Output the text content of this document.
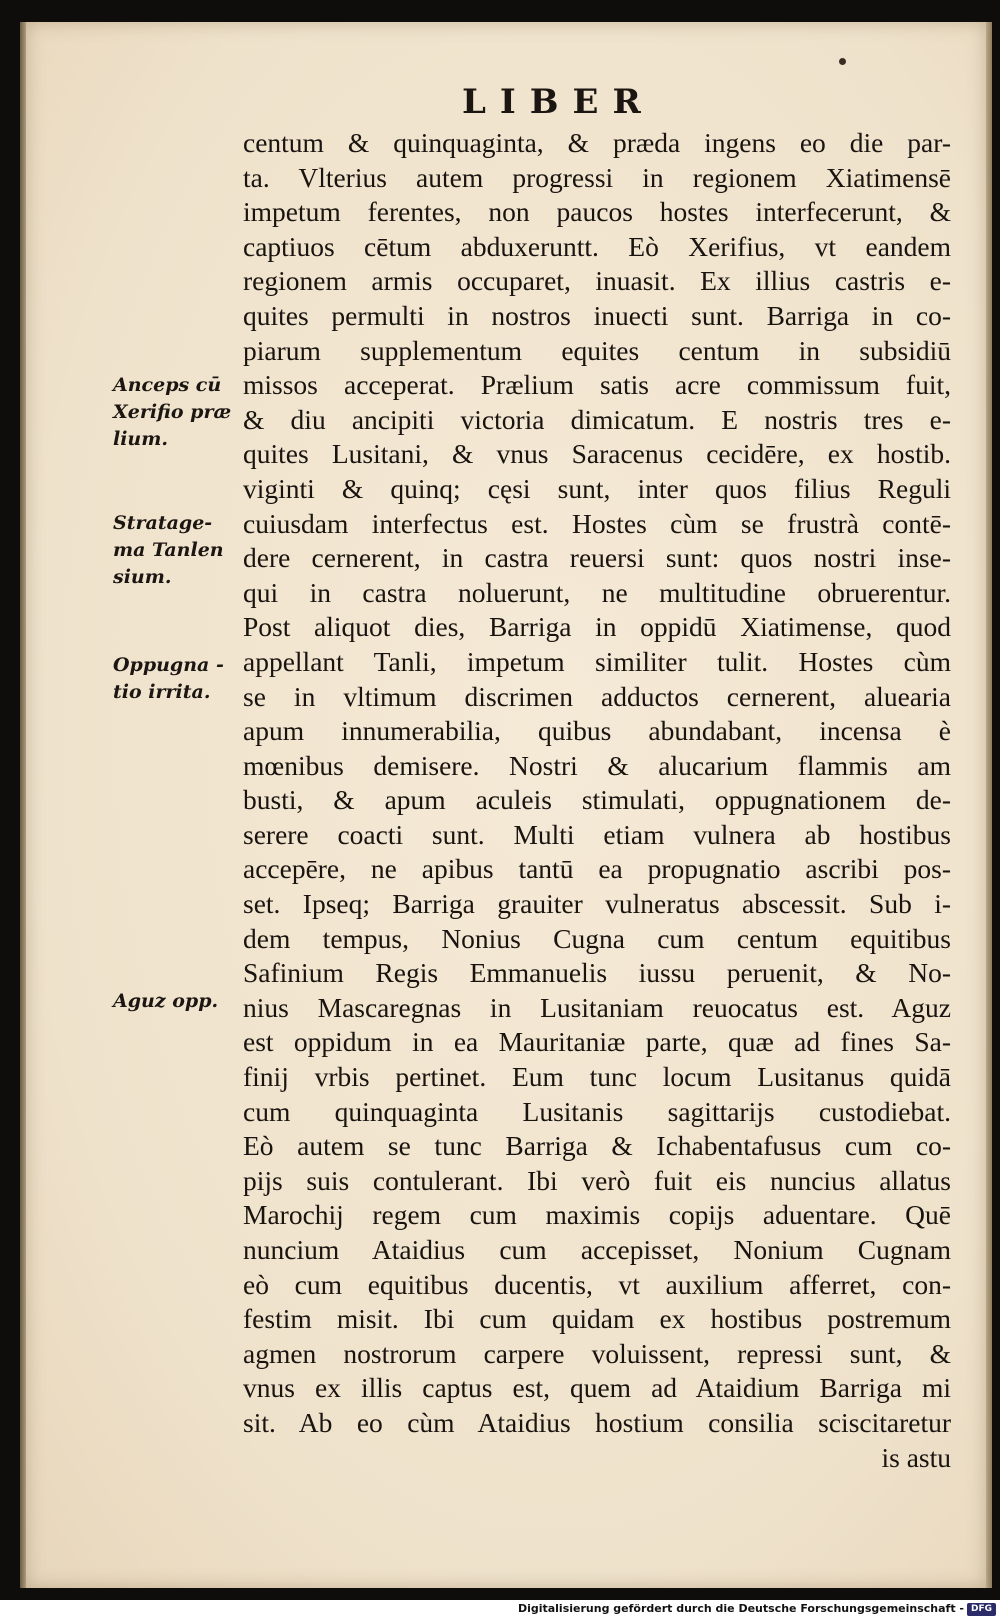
LIBER
centum & quinquaginta, & præda ingens eo die par-
ta. Vlterius autem progressi in regionem Xiatimensē
impetum ferentes, non paucos hostes interfecerunt, &
captiuos cētum abduxeruntt. Eò Xerifius, vt eandem
regionem armis occuparet, inuasit. Ex illius castris e-
quites permulti in nostros inuecti sunt. Barriga in co-
piarum supplementum equites centum in subsidiū
missos acceperat. Prælium satis acre commissum fuit,
& diu ancipiti victoria dimicatum. E nostris tres e-
quites Lusitani, & vnus Saracenus cecidēre, ex hostib.
viginti & quinq; cęsi sunt, inter quos filius Reguli
cuiusdam interfectus est. Hostes cùm se frustrà contē-
dere cernerent, in castra reuersi sunt: quos nostri inse-
qui in castra noluerunt, ne multitudine obruerentur.
Post aliquot dies, Barriga in oppidū Xiatimense, quod
appellant Tanli, impetum similiter tulit. Hostes cùm
se in vltimum discrimen adductos cernerent, aluearia
apum innumerabilia, quibus abundabant, incensa è
mœnibus demisere. Nostri & alucarium flammis am
busti, & apum aculeis stimulati, oppugnationem de-
serere coacti sunt. Multi etiam vulnera ab hostibus
accepēre, ne apibus tantū ea propugnatio ascribi pos-
set. Ipseq; Barriga grauiter vulneratus abscessit. Sub i-
dem tempus, Nonius Cugna cum centum equitibus
Safinium Regis Emmanuelis iussu peruenit, & No-
nius Mascaregnas in Lusitaniam reuocatus est. Aguz
est oppidum in ea Mauritaniæ parte, quæ ad fines Sa-
finij vrbis pertinet. Eum tunc locum Lusitanus quidā
cum quinquaginta Lusitanis sagittarijs custodiebat.
Eò autem se tunc Barriga & Ichabentafusus cum co-
pijs suis contulerant. Ibi verò fuit eis nuncius allatus
Marochij regem cum maximis copijs aduentare. Quē
nuncium Ataidius cum accepisset, Nonium Cugnam
eò cum equitibus ducentis, vt auxilium afferret, con-
festim misit. Ibi cum quidam ex hostibus postremum
agmen nostrorum carpere voluissent, repressi sunt, &
vnus ex illis captus est, quem ad Ataidium Barriga mi
sit. Ab eo cùm Ataidius hostium consilia sciscitaretur
is astu
Anceps cū
Xerifio præ
lium.
Stratage-
ma Tanlen
sium.
Oppugna -
tio irrita.
Aguz opp.
Digitalisierung gefördert durch die Deutsche Forschungsgemeinschaft - DFG
